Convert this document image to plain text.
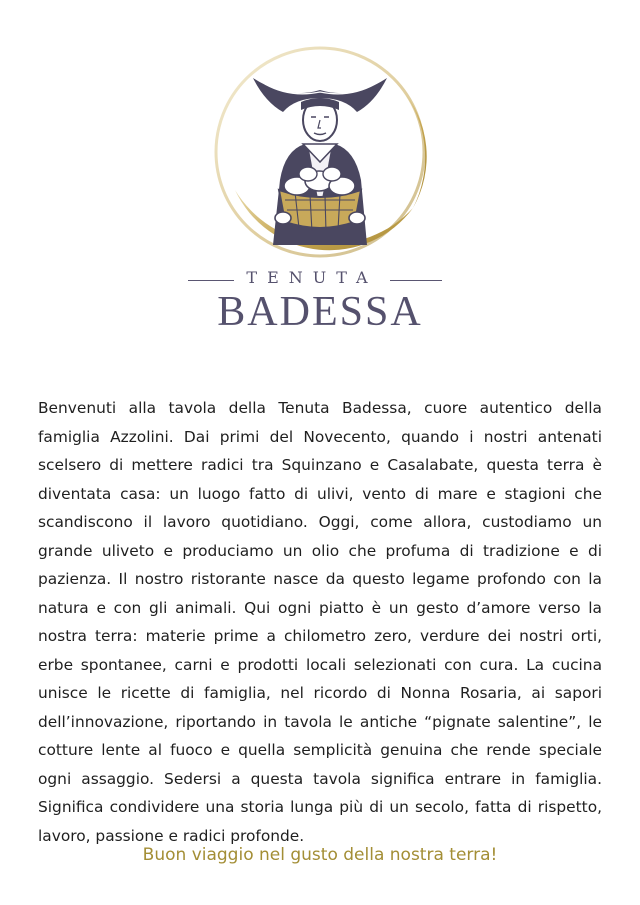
TENUTA
BADESSA

Benvenuti alla tavola della Tenuta Badessa, cuore autentico della famiglia Azzolini. Dai primi del Novecento, quando i nostri antenati scelsero di mettere radici tra Squinzano e Casalabate, questa terra è diventata casa: un luogo fatto di ulivi, vento di mare e stagioni che scandiscono il lavoro quotidiano. Oggi, come allora, custodiamo un grande uliveto e produciamo un olio che profuma di tradizione e di pazienza. Il nostro ristorante nasce da questo legame profondo con la natura e con gli animali. Qui ogni piatto è un gesto d’amore verso la nostra terra: materie prime a chilometro zero, verdure dei nostri orti, erbe spontanee, carni e prodotti locali selezionati con cura. La cucina unisce le ricette di famiglia, nel ricordo di Nonna Rosaria, ai sapori dell’innovazione, riportando in tavola le antiche “pignate salentine”, le cotture lente al fuoco e quella semplicità genuina che rende speciale ogni assaggio. Sedersi a questa tavola significa entrare in famiglia. Significa condividere una storia lunga più di un secolo, fatta di rispetto, lavoro, passione e radici profonde.

Buon viaggio nel gusto della nostra terra!
